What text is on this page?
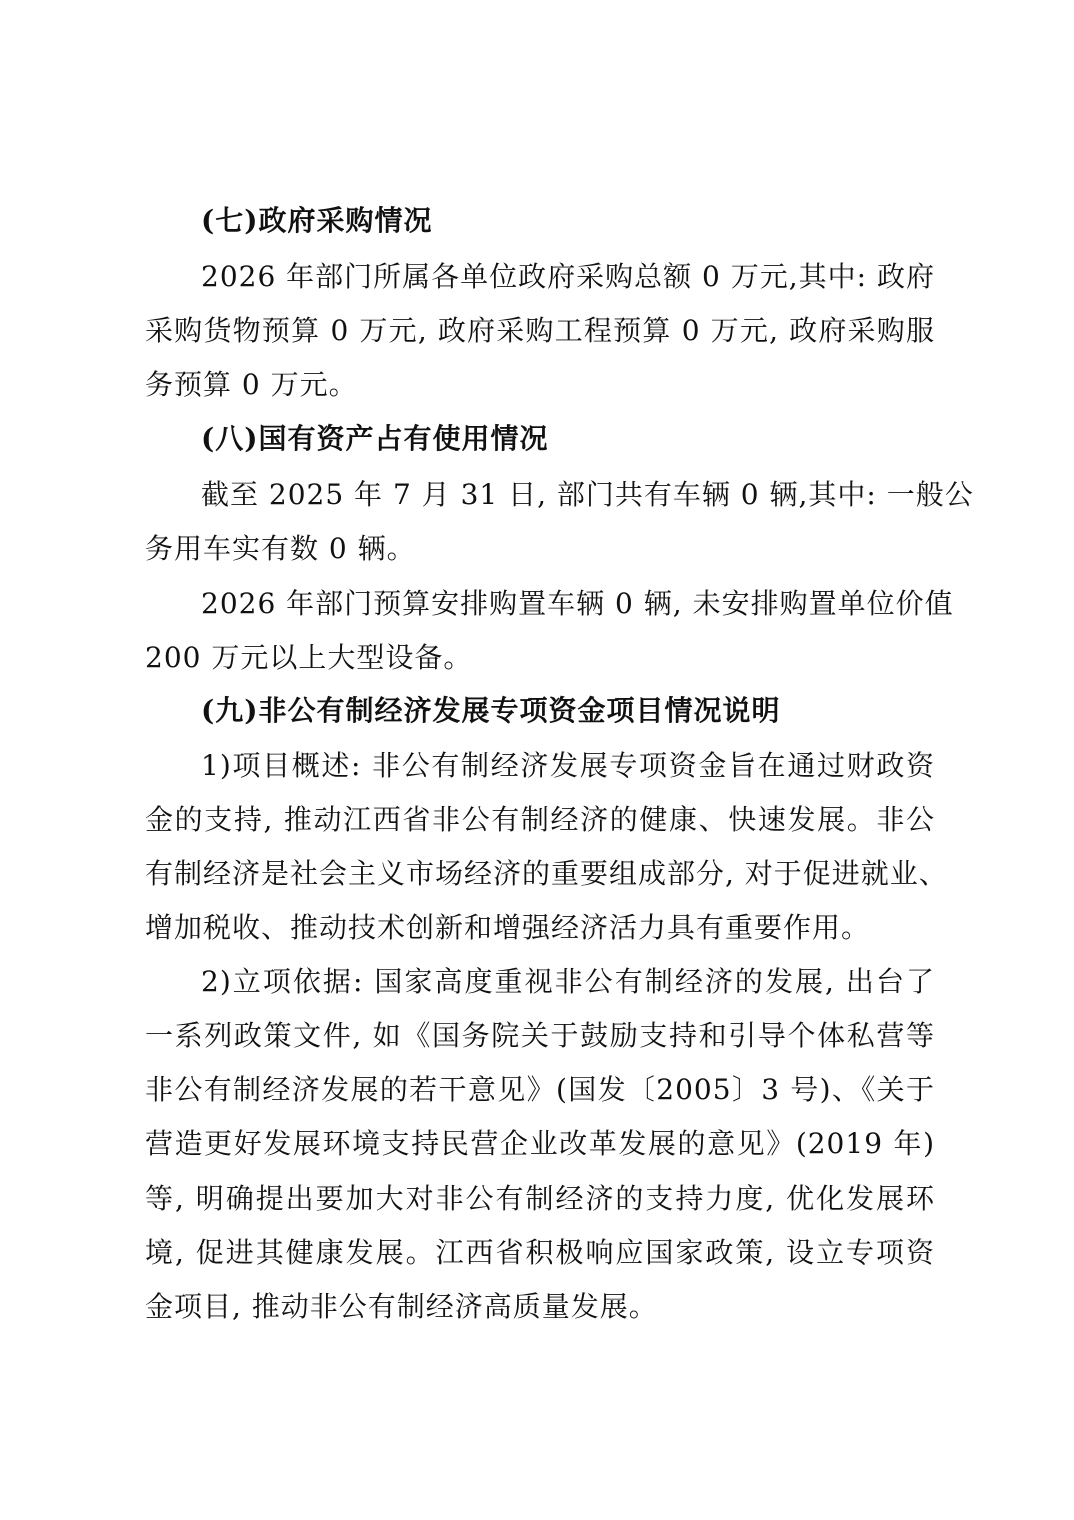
(七)政府采购情况
2026 年部门所属各单位政府采购总额 0 万元,其中: 政府
采购货物预算 0 万元, 政府采购工程预算 0 万元, 政府采购服
务预算 0 万元。
(八)国有资产占有使用情况
截至 2025 年 7 月 31 日, 部门共有车辆 0 辆,其中: 一般公
务用车实有数 0 辆。
2026 年部门预算安排购置车辆 0 辆, 未安排购置单位价值
200 万元以上大型设备。
(九)非公有制经济发展专项资金项目情况说明
1)项目概述: 非公有制经济发展专项资金旨在通过财政资
金的支持, 推动江西省非公有制经济的健康、快速发展。非公
有制经济是社会主义市场经济的重要组成部分, 对于促进就业、
增加税收、推动技术创新和增强经济活力具有重要作用。
2)立项依据: 国家高度重视非公有制经济的发展, 出台了
一系列政策文件, 如《国务院关于鼓励支持和引导个体私营等
非公有制经济发展的若干意见》(国发〔2005〕3 号)、《关于
营造更好发展环境支持民营企业改革发展的意见》(2019 年)
等, 明确提出要加大对非公有制经济的支持力度, 优化发展环
境, 促进其健康发展。江西省积极响应国家政策, 设立专项资
金项目, 推动非公有制经济高质量发展。
